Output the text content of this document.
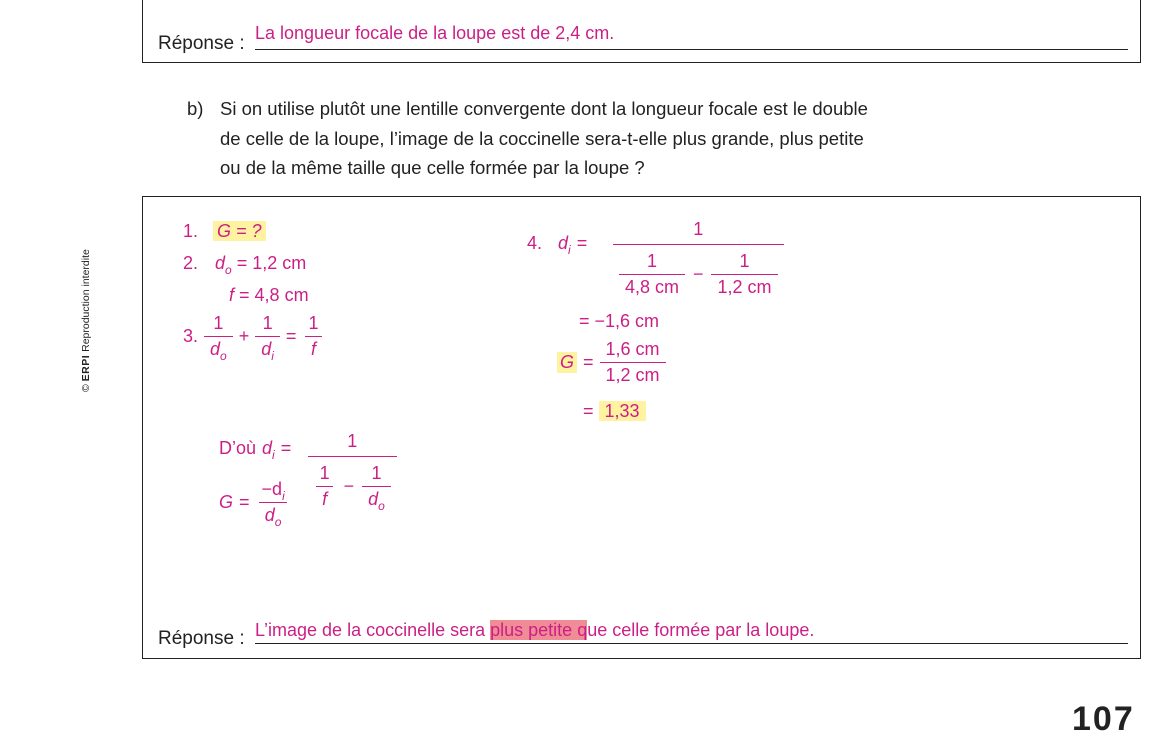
Réponse : La longueur focale de la loupe est de 2,4 cm.
b) Si on utilise plutôt une lentille convergente dont la longueur focale est le double
de celle de la loupe, l’image de la coccinelle sera-t-elle plus grande, plus petite
ou de la même taille que celle formée par la loupe ?
© ERPI Reproduction interdite
1. G = ?
2. $d_o = 1,2$ cm
f = 4,8 cm
3. $\frac{1}{d_o} + \frac{1}{d_i} = \frac{1}{f}$
D’où $d_i = \frac{1}{\frac{1}{f} - \frac{1}{d_o}}$
$G = \frac{-d_i}{d_o}$
4. $d_i = \frac{1}{\frac{1}{4,8 cm} - \frac{1}{1,2 cm}}$
= −1,6 cm
$G = \frac{1,6 cm}{1,2 cm}$
= 1,33
Réponse : L’image de la coccinelle sera plus petite que celle formée par la loupe.
107
